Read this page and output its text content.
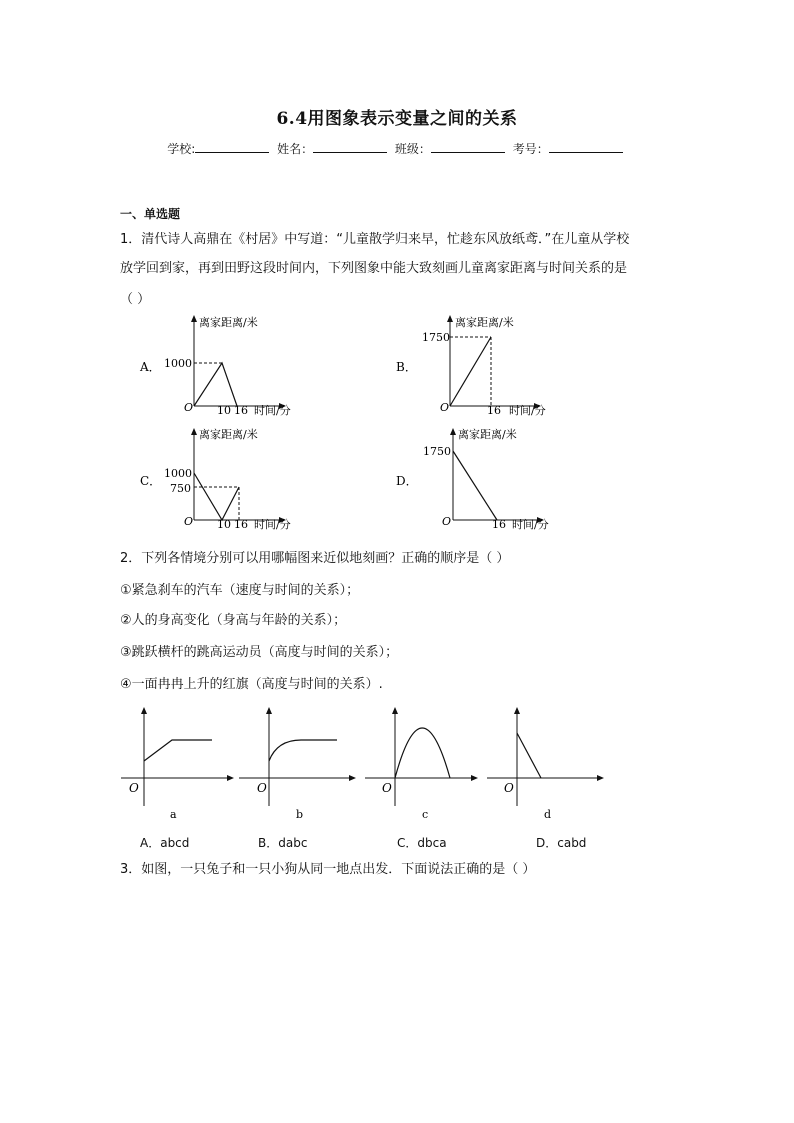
6.4用图象表示变量之间的关系
学校:	姓名：	班级：	考号：
一、单选题
1．清代诗人高鼎在《村居》中写道：“儿童散学归来早，忙趁东风放纸鸢．”在儿童从学校
放学回到家，再到田野这段时间内，下列图象中能大致刻画儿童离家距离与时间关系的是
（ ）
A．
离家距离/米
时间/分
O
1000
10 16
B．
离家距离/米
时间/分
O
1750
16
C．
离家距离/米
时间/分
O
1000
750
10 16
D．
离家距离/米
时间/分
O
1750
16
2．下列各情境分别可以用哪幅图来近似地刻画？正确的顺序是（ ）
①紧急刹车的汽车（速度与时间的关系）；
②人的身高变化（身高与年龄的关系）；
③跳跃横杆的跳高运动员（高度与时间的关系）；
④一面冉冉上升的红旗（高度与时间的关系）.
O
a
O
b
O
c
O
d
A．abcd	B．dabc	C．dbca	D．cabd
3．如图，一只兔子和一只小狗从同一地点出发．下面说法正确的是（ ）
